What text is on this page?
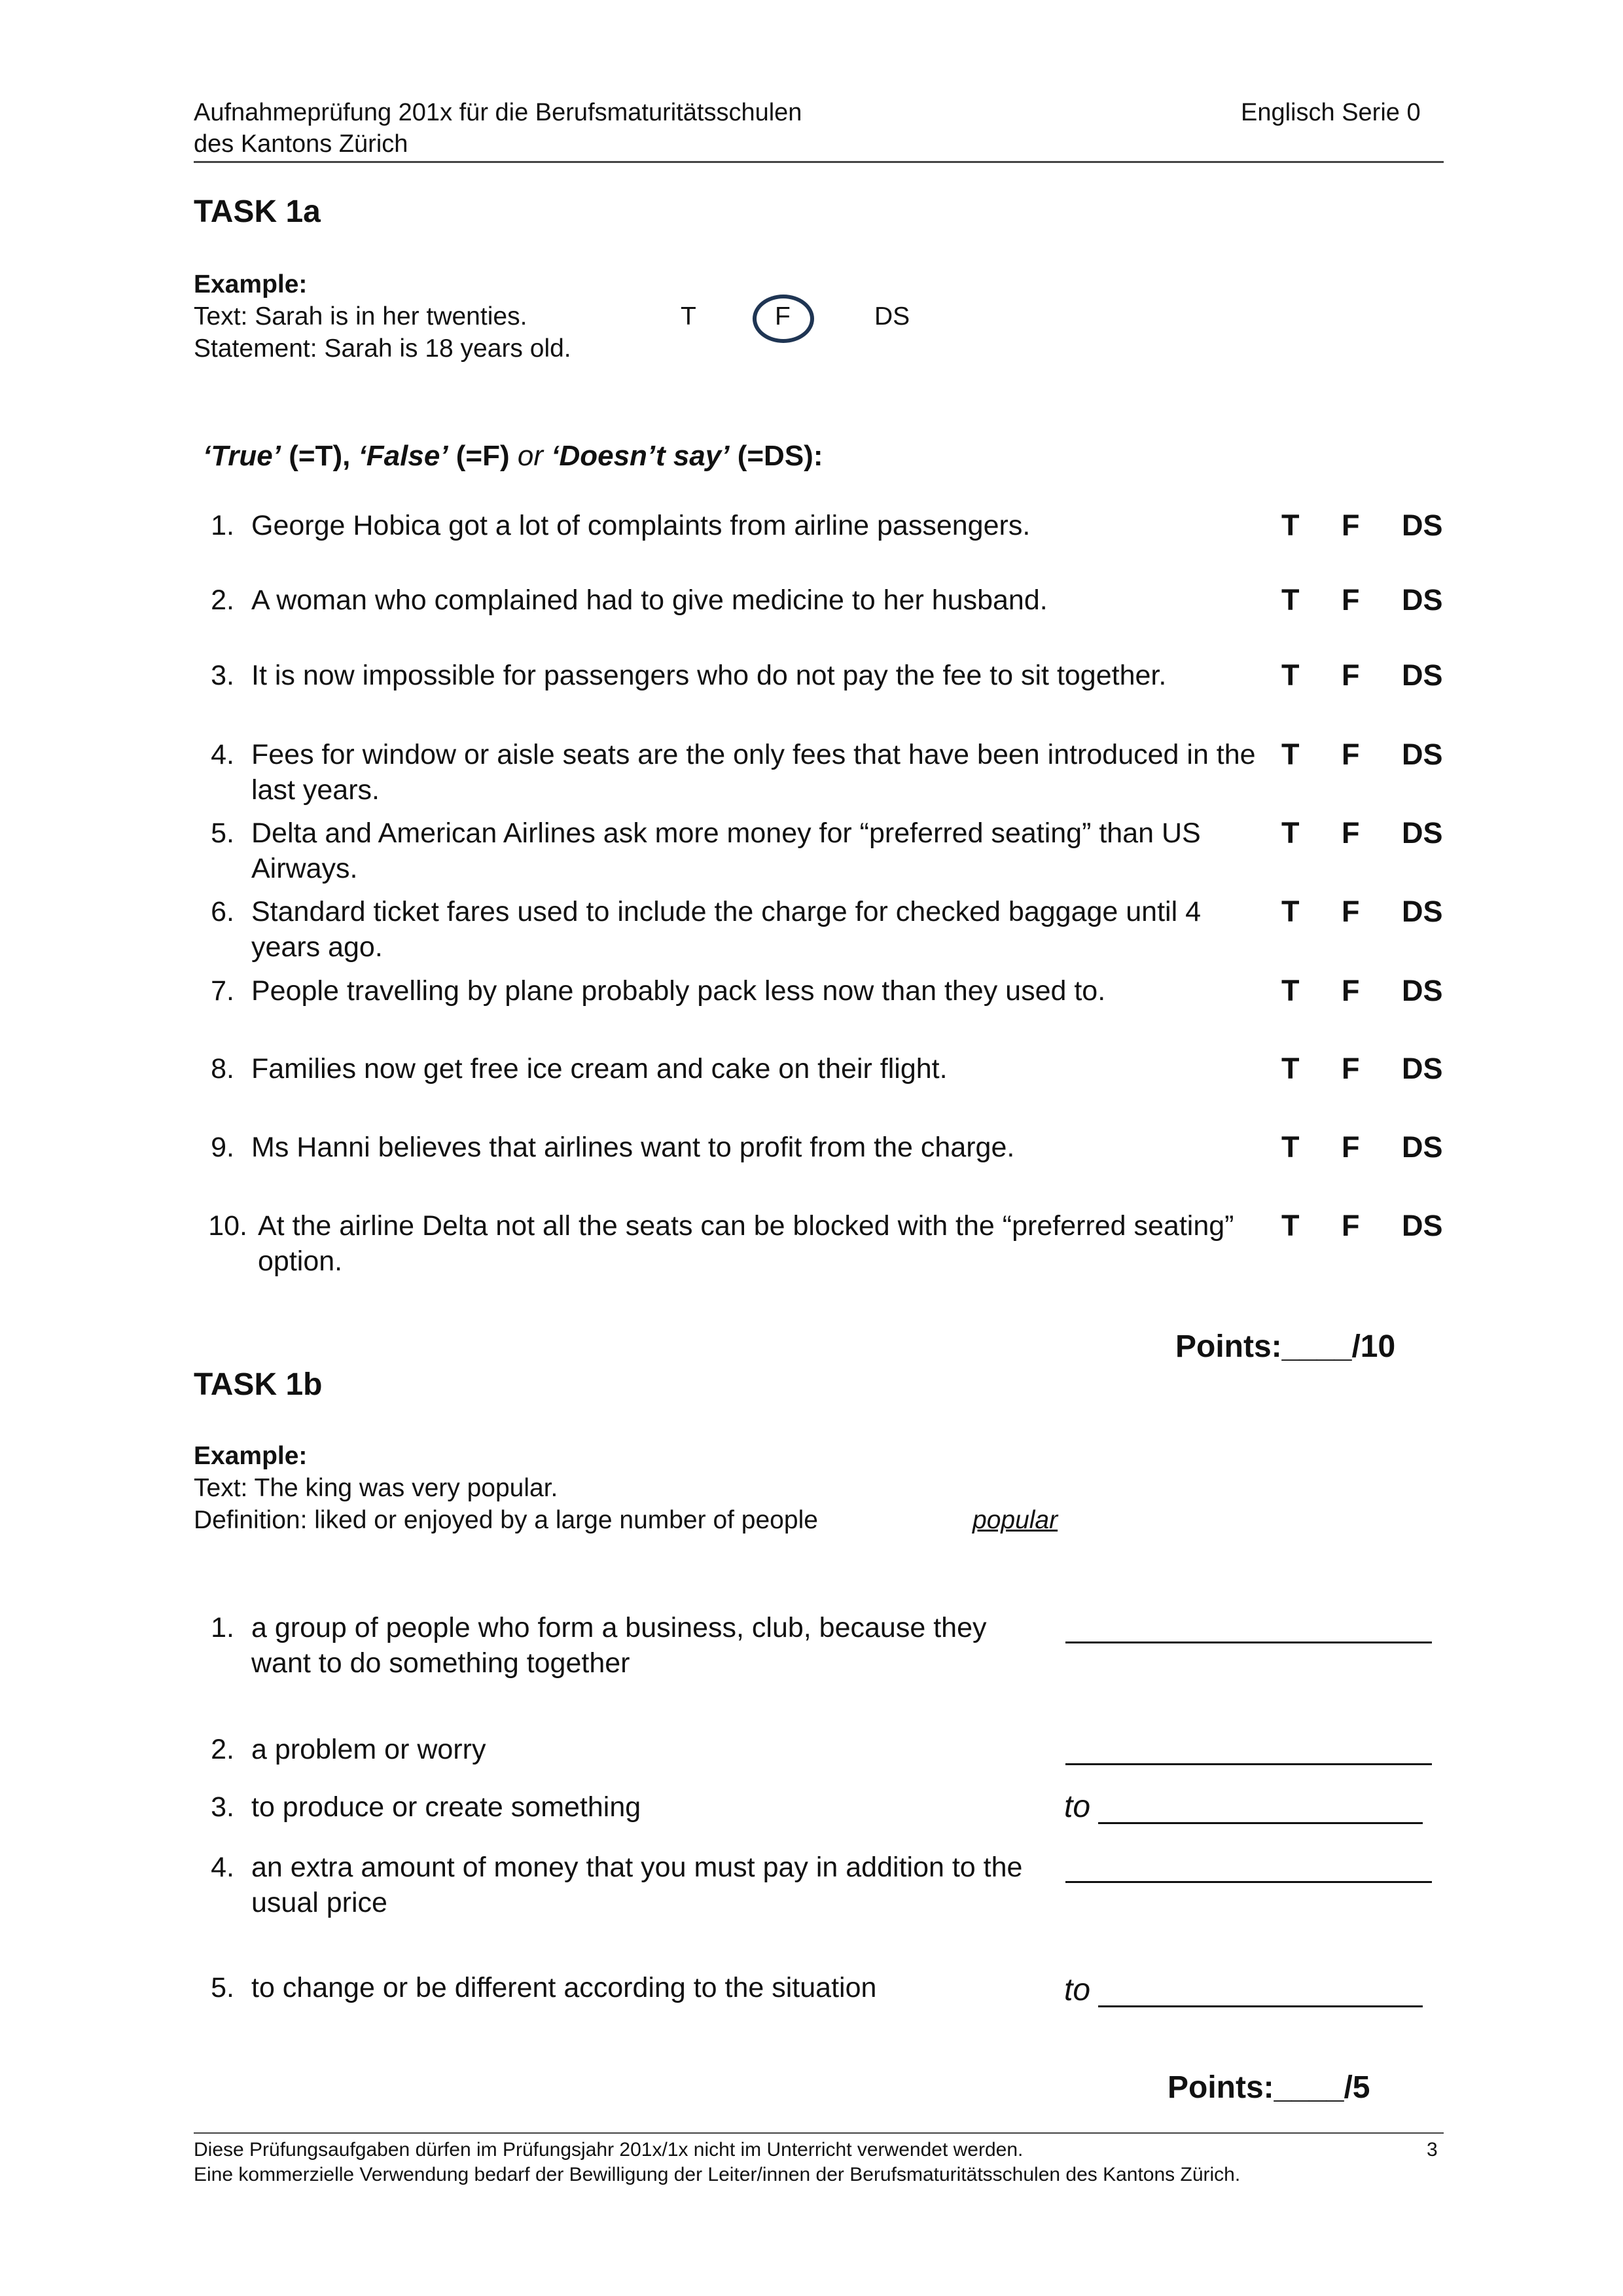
Aufnahmeprüfung 201x für die Berufsmaturitätsschulen
des Kantons Zürich
Englisch Serie 0
TASK 1a
Example:
Text: Sarah is in her twenties.
Statement: Sarah is 18 years old.
T	F	DS
‘True’ (=T), ‘False’ (=F) or ‘Doesn’t say’ (=DS):
1. George Hobica got a lot of complaints from airline passengers.	T F DS
2. A woman who complained had to give medicine to her husband.	T F DS
3. It is now impossible for passengers who do not pay the fee to sit together.	T F DS
4. Fees for window or aisle seats are the only fees that have been introduced in the last years.
T F DS
5. Delta and American Airlines ask more money for “preferred seating” than US Airways.
T F DS
6. Standard ticket fares used to include the charge for checked baggage until 4 years ago.
T F DS
7. People travelling by plane probably pack less now than they used to.	T F DS
8. Families now get free ice cream and cake on their flight.	T F DS
9. Ms Hanni believes that airlines want to profit from the charge.	T F DS
10. At the airline Delta not all the seats can be blocked with the “preferred seating” option.
T F DS
Points:____/10
TASK 1b
Example:
Text: The king was very popular.
Definition: liked or enjoyed by a large number of people	popular
1. a group of people who form a business, club, because they want to do something together
2. a problem or worry
3. to produce or create something	to
4. an extra amount of money that you must pay in addition to the usual price
5. to change or be different according to the situation	to
Points:____/5
Diese Prüfungsaufgaben dürfen im Prüfungsjahr 201x/1x nicht im Unterricht verwendet werden.
Eine kommerzielle Verwendung bedarf der Bewilligung der Leiter/innen der Berufsmaturitätsschulen des Kantons Zürich.
3
